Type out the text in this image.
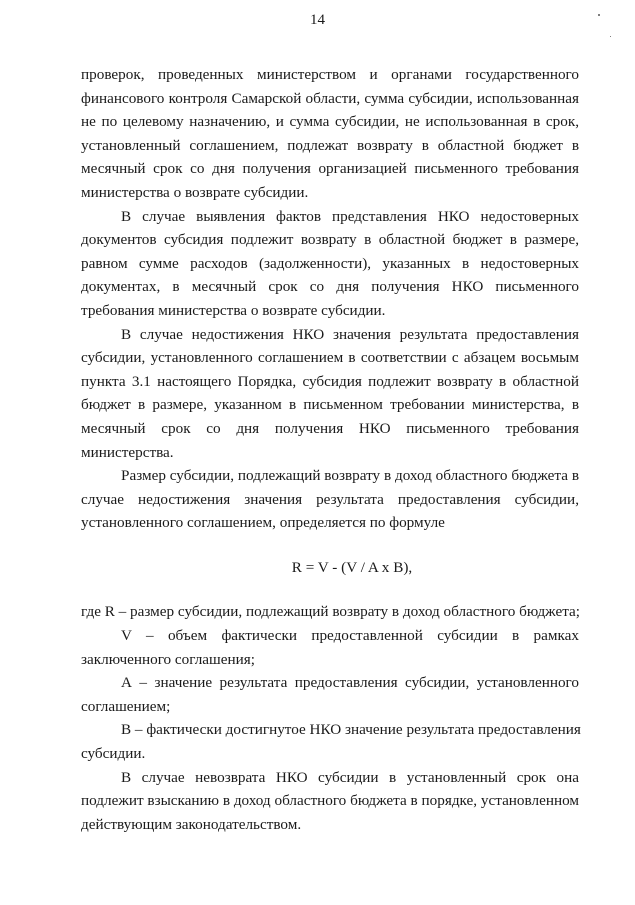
14
проверок, проведенных министерством и органами государственного
финансового контроля Самарской области, сумма субсидии, использованная
не по целевому назначению, и сумма субсидии, не использованная в срок,
установленный соглашением, подлежат возврату в областной бюджет в
месячный срок со дня получения организацией письменного требования
министерства о возврате субсидии.
В случае выявления фактов представления НКО недостоверных
документов субсидия подлежит возврату в областной бюджет в размере,
равном сумме расходов (задолженности), указанных в недостоверных
документах, в месячный срок со дня получения НКО письменного
требования министерства о возврате субсидии.
В случае недостижения НКО значения результата предоставления
субсидии, установленного соглашением в соответствии с абзацем восьмым
пункта 3.1 настоящего Порядка, субсидия подлежит возврату в областной
бюджет в размере, указанном в письменном требовании министерства, в
месячный срок со дня получения НКО письменного требования
министерства.
Размер субсидии, подлежащий возврату в доход областного бюджета в
случае недостижения значения результата предоставления субсидии,
установленного соглашением, определяется по формуле
R = V - (V / A x B),
где R – размер субсидии, подлежащий возврату в доход областного бюджета;
V – объем фактически предоставленной субсидии в рамках
заключенного соглашения;
А – значение результата предоставления субсидии, установленного
соглашением;
В – фактически достигнутое НКО значение результата предоставления
субсидии.
В случае невозврата НКО субсидии в установленный срок она
подлежит взысканию в доход областного бюджета в порядке, установленном
действующим законодательством.
